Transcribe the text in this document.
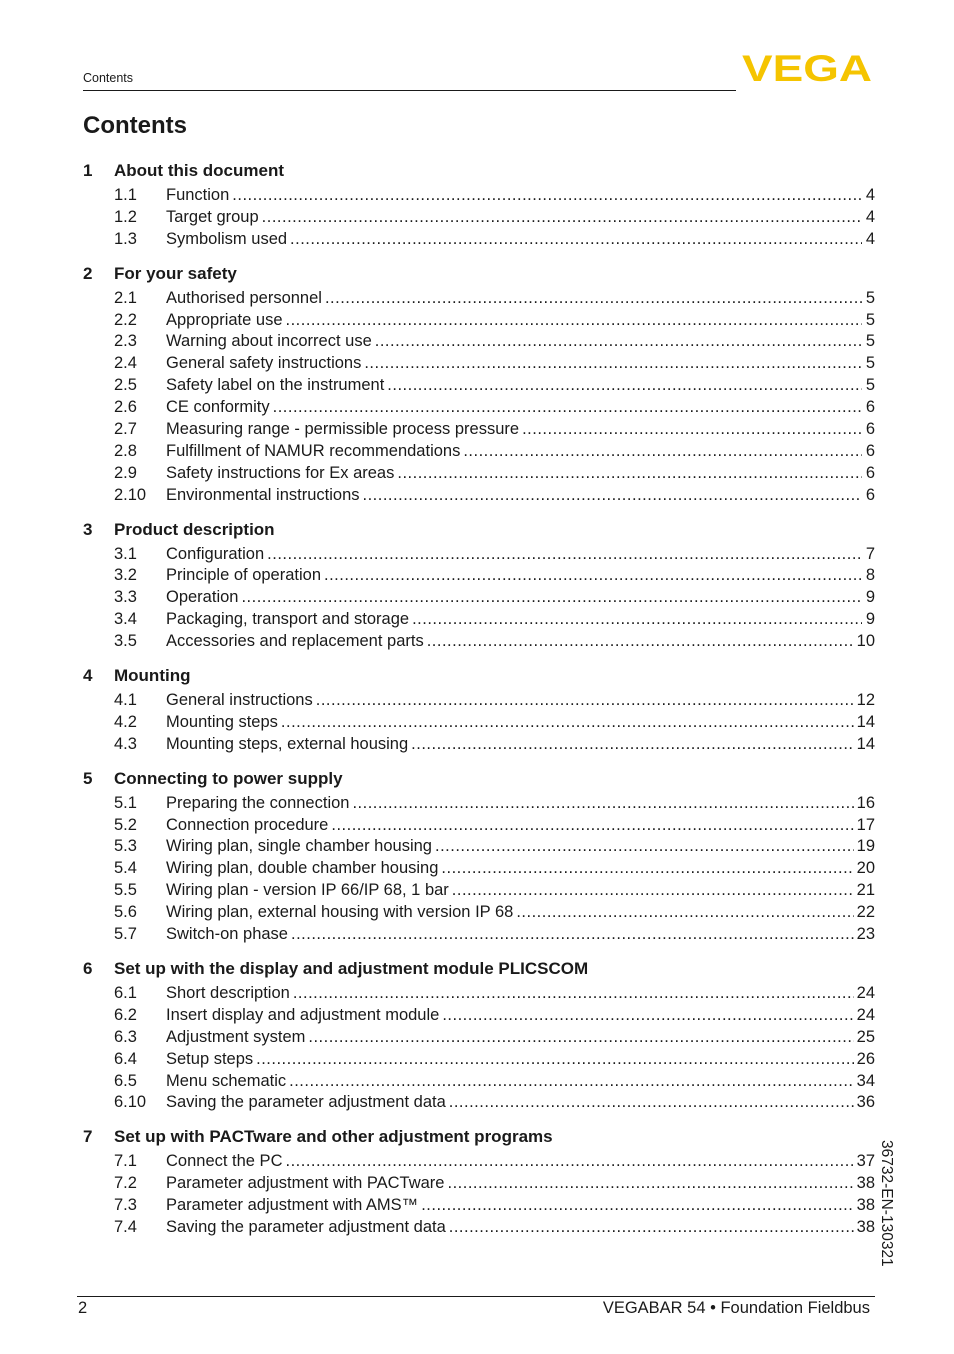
Contents	VEGA
Contents
1	About this document
1.1	Function .....	4
1.2	Target group .....	4
1.3	Symbolism used .....	4
2	For your safety
2.1	Authorised personnel .....	5
2.2	Appropriate use .....	5
2.3	Warning about incorrect use .....	5
2.4	General safety instructions .....	5
2.5	Safety label on the instrument .....	5
2.6	CE conformity .....	6
2.7	Measuring range - permissible process pressure .....	6
2.8	Fulfillment of NAMUR recommendations .....	6
2.9	Safety instructions for Ex areas .....	6
2.10	Environmental instructions .....	6
3	Product description
3.1	Configuration .....	7
3.2	Principle of operation .....	8
3.3	Operation .....	9
3.4	Packaging, transport and storage .....	9
3.5	Accessories and replacement parts .....	10
4	Mounting
4.1	General instructions .....	12
4.2	Mounting steps .....	14
4.3	Mounting steps, external housing .....	14
5	Connecting to power supply
5.1	Preparing the connection .....	16
5.2	Connection procedure .....	17
5.3	Wiring plan, single chamber housing .....	19
5.4	Wiring plan, double chamber housing .....	20
5.5	Wiring plan - version IP 66/IP 68, 1 bar .....	21
5.6	Wiring plan, external housing with version IP 68 .....	22
5.7	Switch-on phase .....	23
6	Set up with the display and adjustment module PLICSCOM
6.1	Short description .....	24
6.2	Insert display and adjustment module .....	24
6.3	Adjustment system .....	25
6.4	Setup steps .....	26
6.5	Menu schematic .....	34
6.10	Saving the parameter adjustment data .....	36
7	Set up with PACTware and other adjustment programs
7.1	Connect the PC .....	37
7.2	Parameter adjustment with PACTware .....	38
7.3	Parameter adjustment with AMS™ .....	38
7.4	Saving the parameter adjustment data .....	38 36732-EN-130321
2	VEGABAR 54 • Foundation Fieldbus
